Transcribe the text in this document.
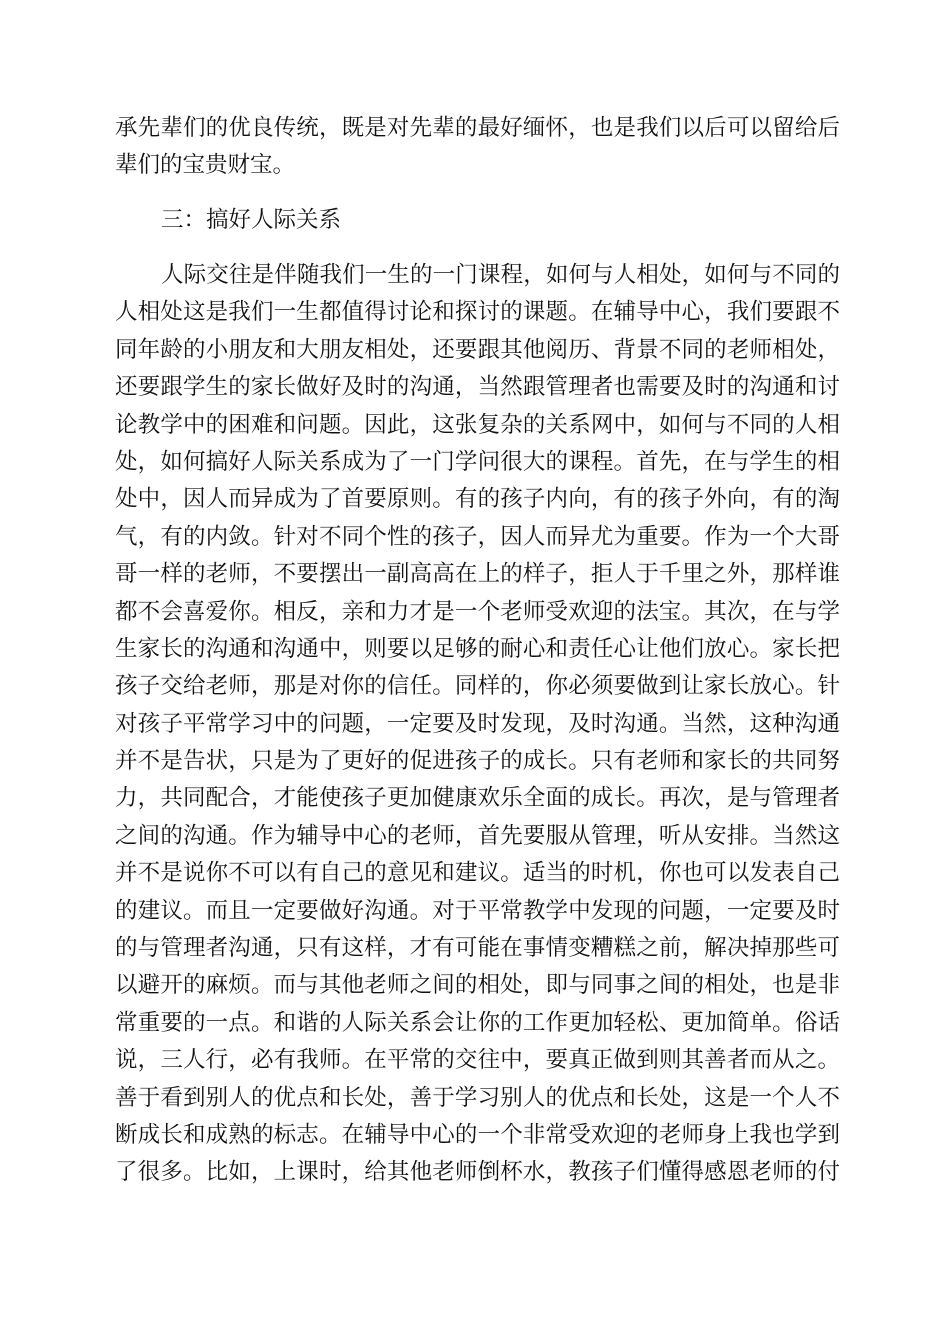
承先辈们的优良传统，既是对先辈的最好缅怀，也是我们以后可以留给后
辈们的宝贵财宝。
三：搞好人际关系
人际交往是伴随我们一生的一门课程，如何与人相处，如何与不同的
人相处这是我们一生都值得讨论和探讨的课题。在辅导中心，我们要跟不
同年龄的小朋友和大朋友相处，还要跟其他阅历、背景不同的老师相处，
还要跟学生的家长做好及时的沟通，当然跟管理者也需要及时的沟通和讨
论教学中的困难和问题。因此，这张复杂的关系网中，如何与不同的人相
处，如何搞好人际关系成为了一门学问很大的课程。首先，在与学生的相
处中，因人而异成为了首要原则。有的孩子内向，有的孩子外向，有的淘
气，有的内敛。针对不同个性的孩子，因人而异尤为重要。作为一个大哥
哥一样的老师，不要摆出一副高高在上的样子，拒人于千里之外，那样谁
都不会喜爱你。相反，亲和力才是一个老师受欢迎的法宝。其次，在与学
生家长的沟通和沟通中，则要以足够的耐心和责任心让他们放心。家长把
孩子交给老师，那是对你的信任。同样的，你必须要做到让家长放心。针
对孩子平常学习中的问题，一定要及时发现，及时沟通。当然，这种沟通
并不是告状，只是为了更好的促进孩子的成长。只有老师和家长的共同努
力，共同配合，才能使孩子更加健康欢乐全面的成长。再次，是与管理者
之间的沟通。作为辅导中心的老师，首先要服从管理，听从安排。当然这
并不是说你不可以有自己的意见和建议。适当的时机，你也可以发表自己
的建议。而且一定要做好沟通。对于平常教学中发现的问题，一定要及时
的与管理者沟通，只有这样，才有可能在事情变糟糕之前，解决掉那些可
以避开的麻烦。而与其他老师之间的相处，即与同事之间的相处，也是非
常重要的一点。和谐的人际关系会让你的工作更加轻松、更加简单。俗话
说，三人行，必有我师。在平常的交往中，要真正做到则其善者而从之。
善于看到别人的优点和长处，善于学习别人的优点和长处，这是一个人不
断成长和成熟的标志。在辅导中心的一个非常受欢迎的老师身上我也学到
了很多。比如，上课时，给其他老师倒杯水，教孩子们懂得感恩老师的付
